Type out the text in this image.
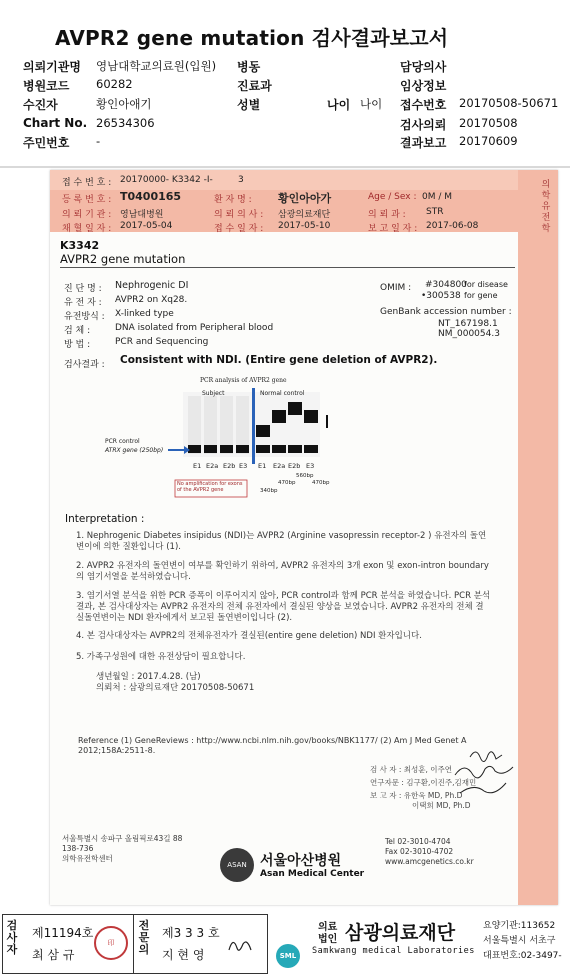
AVPR2 gene mutation 검사결과보고서
의뢰기관명 영남대학교의료원(입원) 병동	담당의사
병원코드 60282	진료과	임상정보
수진자	황인아애기	성별	나이 나이 접수번호 20170508-50671
Chart No. 26534306	검사의뢰 20170508
주민번호 -	결과보고 20170609
의학유전학
접 수 번 호 : 20170000- K3342 -I-	3
등 록 번 호 : T0400165	환 자 명 : 황인아아가	Age / Sex : 0M / M
의 뢰 기 관 : 영남대병원	의 뢰 의 사 : 삼광의료재단	의 뢰 과 : STR
채 혈 일 자 : 2017-05-04	접 수 일 자 : 2017-05-10	보 고 일 자 : 2017-06-08
K3342
AVPR2 gene mutation
진 단 명 : Nephrogenic DI
유 전 자 : AVPR2 on Xq28.
유전방식 : X-linked type
검 체 :	DNA isolated from Peripheral blood
방 법 :	PCR and Sequencing
OMIM : #304800
for disease
•300538 for gene
GenBank accession number :
NT_167198.1
NM_000054.3
검사결과 : Consistent with NDI. (Entire gene deletion of AVPR2).
PCR analysis of AVPR2 gene
Subject	Normal control
PCR control
ATRX gene (250bp)
E1 E2a E2b E3 E1 E2a E2b E3
470bp
560bp
470bp
340bp
No amplification for exons of the AVPR2 gene
Interpretation :
1. Nephrogenic Diabetes insipidus (NDI)는 AVPR2 (Arginine vasopressin receptor-2 ) 유전자의 돌연변이에 의한 질환입니다 (1).
2. AVPR2 유전자의 돌연변이 여부를 확인하기 위하여, AVPR2 유전자의 3개 exon 및 exon-intron boundary의 염기서열을 분석하였습니다.
3. 염기서열 분석을 위한 PCR 증폭이 이루어지지 않아, PCR control과 함께 PCR 분석을 하였습니다. PCR 분석 결과, 본 검사대상자는 AVPR2 유전자의 전체 유전자에서 결실된 양상을 보였습니다. AVPR2 유전자의 전체 결실돌연변이는 NDI 환자에게서 보고된 돌연변이입니다 (2).
4. 본 검사대상자는 AVPR2의 전체유전자가 결실된(entire gene deletion) NDI 환자입니다.
5. 가족구성원에 대한 유전상담이 필요합니다.
생년월일 : 2017.4.28. (남)
의뢰처 : 삼광의료재단 20170508-50671
Reference (1) GeneReviews : http://www.ncbi.nlm.nih.gov/books/NBK1177/ (2) Am J Med Genet A 2012;158A:2511-8.
검 사 자 : 최성훈, 이주연
연구자문 : 김구환,이진주,김재민
보 고 자 : 유한욱 MD, Ph.D
이택희 MD, Ph.D
서울특별시 송파구 올림픽로43길 88
138-736
의학유전학센터
ASAN 서울아산병원
Asan Medical Center
Tel 02-3010-4704
Fax 02-3010-4702
www.amcgenetics.co.kr
검사자
제11194호
최 삼 규
印
전문의
제3 3 3 호
지 현 영	SML
의료
법인 삼광의료재단
Samkwang medical Laboratories
요양기관:113652
서울특별시 서초구
대표번호:02-3497-
